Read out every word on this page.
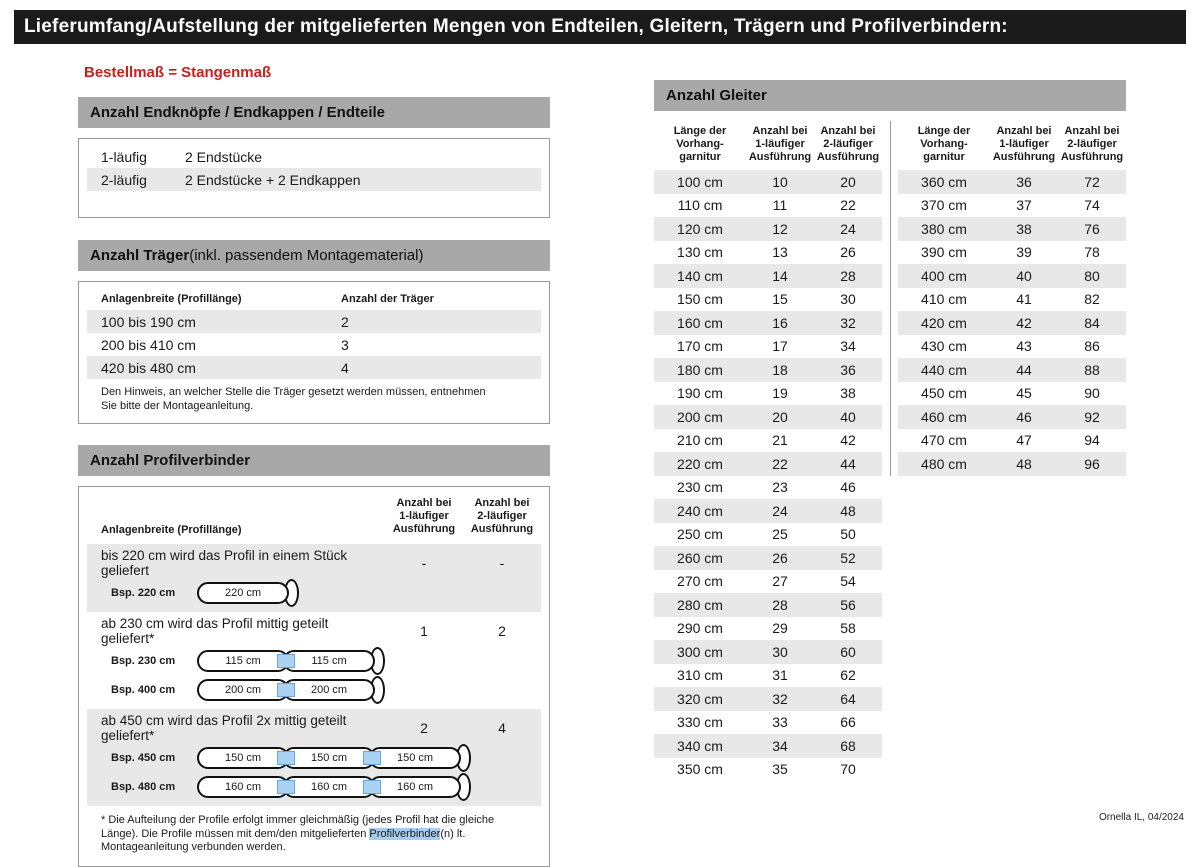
Lieferumfang/Aufstellung der mitgelieferten Mengen von Endteilen, Gleitern, Trägern und Profilverbindern:
Bestellmaß = Stangenmaß
Anzahl Endknöpfe / Endkappen / Endteile
1-läufig	2 Endstücke
2-läufig	2 Endstücke + 2 Endkappen
Anzahl Träger (inkl. passendem Montagematerial)
Anlagenbreite (Profillänge)	Anzahl der Träger
100 bis 190 cm	2
200 bis 410 cm	3
420 bis 480 cm	4
Den Hinweis, an welcher Stelle die Träger gesetzt werden müssen, entnehmen Sie bitte der Montageanleitung.
Anzahl Profilverbinder
Anlagenbreite (Profillänge)
Anzahl bei
1-läufiger
Ausführung
Anzahl bei
2-läufiger
Ausführung
bis 220 cm wird das Profil in einem Stück geliefert	-	-
Bsp. 220 cm	220 cm
ab 230 cm wird das Profil mittig geteilt geliefert*	1	2
Bsp. 230 cm	115 cm	115 cm
Bsp. 400 cm	200 cm	200 cm
ab 450 cm wird das Profil 2x mittig geteilt geliefert*	2	4
Bsp. 450 cm	150 cm	150 cm	150 cm
Bsp. 480 cm	160 cm	160 cm	160 cm
* Die Aufteilung der Profile erfolgt immer gleichmäßig (jedes Profil hat die gleiche Länge). Die Profile müssen mit dem/den mitgelieferten Profilverbinder(n) lt. Montageanleitung verbunden werden.
Anzahl Gleiter
Länge der
Vorhang-
garnitur
Anzahl bei
1-läufiger
Ausführung
Anzahl bei
2-läufiger
Ausführung
100 cm	10	20
110 cm	11	22
120 cm	12	24
130 cm	13	26
140 cm	14	28
150 cm	15	30
160 cm	16	32
170 cm	17	34
180 cm	18	36
190 cm	19	38
200 cm	20	40
210 cm	21	42
220 cm	22	44
230 cm	23	46
240 cm	24	48
250 cm	25	50
260 cm	26	52
270 cm	27	54
280 cm	28	56
290 cm	29	58
300 cm	30	60
310 cm	31	62
320 cm	32	64
330 cm	33	66
340 cm	34	68
350 cm	35	70
Länge der
Vorhang-
garnitur
Anzahl bei
1-läufiger
Ausführung
Anzahl bei
2-läufiger
Ausführung
360 cm	36	72
370 cm	37	74
380 cm	38	76
390 cm	39	78
400 cm	40	80
410 cm	41	82
420 cm	42	84
430 cm	43	86
440 cm	44	88
450 cm	45	90
460 cm	46	92
470 cm	47	94
480 cm	48	96
Ornella IL, 04/2024
